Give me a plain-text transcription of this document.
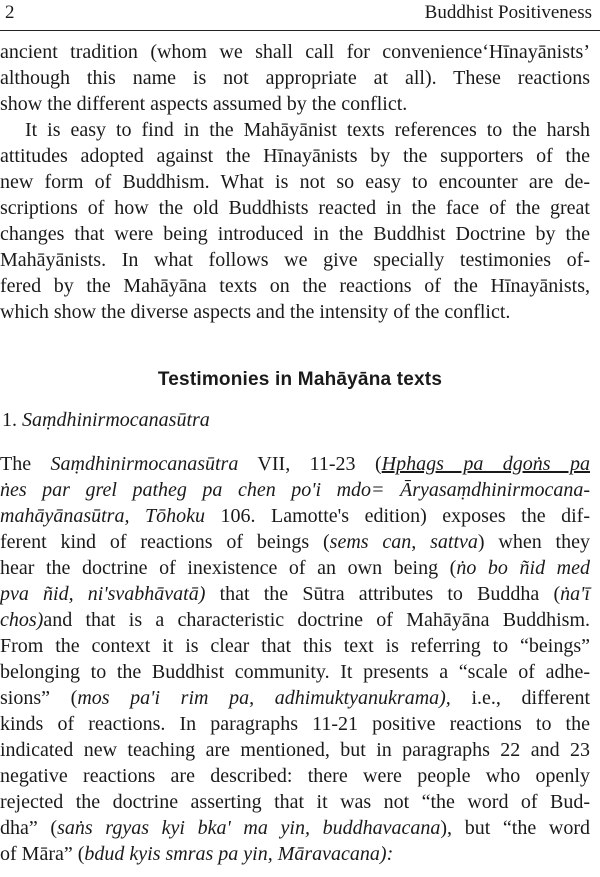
2	Buddhist Positiveness
ancient tradition (whom we shall call for convenience‘Hīnayānists’
although this name is not appropriate at all). These reactions
show the different aspects assumed by the conflict.
It is easy to find in the Mahāyānist texts references to the harsh
attitudes adopted against the Hīnayānists by the supporters of the
new form of Buddhism. What is not so easy to encounter are de-
scriptions of how the old Buddhists reacted in the face of the great
changes that were being introduced in the Buddhist Doctrine by the
Mahāyānists. In what follows we give specially testimonies of-
fered by the Mahāyāna texts on the reactions of the Hīnayānists,
which show the diverse aspects and the intensity of the conflict.
Testimonies in Mahāyāna texts
1. Saṃdhinirmocanasūtra
The Saṃdhinirmocanasūtra VII, 11-23 (Hphags pa dgoṅs pa
ṅes par grel patheg pa chen po'i mdo= Āryasaṃdhinirmocana-
mahāyānasūtra, Tōhoku 106. Lamotte's edition) exposes the dif-
ferent kind of reactions of beings (sems can, sattva) when they
hear the doctrine of inexistence of an own being (ṅo bo ñid med
pva ñid, ni'svabhāvatā) that the Sūtra attributes to Buddha (ṅa'ī
chos)and that is a characteristic doctrine of Mahāyāna Buddhism.
From the context it is clear that this text is referring to “beings”
belonging to the Buddhist community. It presents a “scale of adhe-
sions” (mos pa'i rim pa, adhimuktyanukrama), i.e., different
kinds of reactions. In paragraphs 11-21 positive reactions to the
indicated new teaching are mentioned, but in paragraphs 22 and 23
negative reactions are described: there were people who openly
rejected the doctrine asserting that it was not “the word of Bud-
dha” (saṅs rgyas kyi bka' ma yin, buddhavacana), but “the word
of Māra” (bdud kyis smras pa yin, Māravacana):
